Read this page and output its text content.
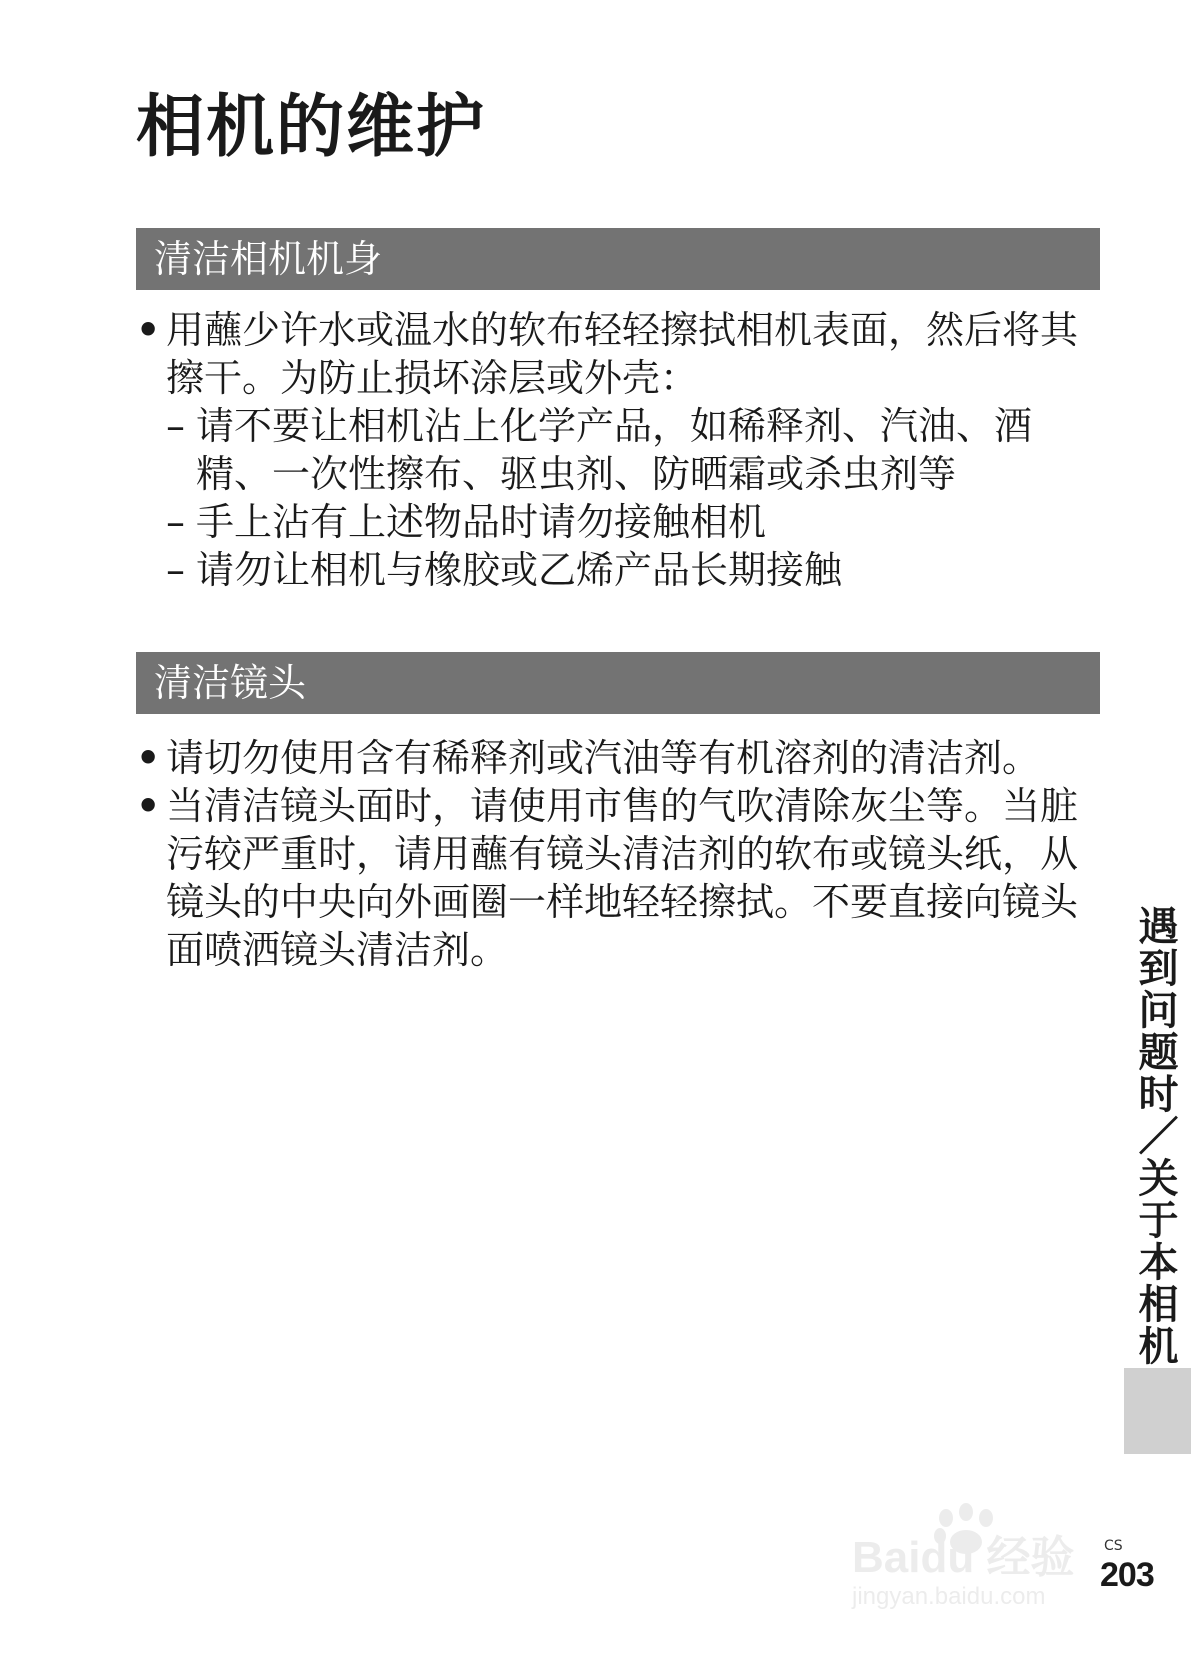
相机的维护
清洁相机机身

• 用蘸少许水或温水的软布轻轻擦拭相机表面，然后将其擦干。为防止损坏涂层或外壳：

– 请不要让相机沾上化学产品，如稀释剂、汽油、酒精、一次性擦布、驱虫剂、防晒霜或杀虫剂等

– 手上沾有上述物品时请勿接触相机

– 请勿让相机与橡胶或乙烯产品长期接触

清洁镜头

• 请切勿使用含有稀释剂或汽油等有机溶剂的清洁剂。

• 当清洁镜头面时，请使用市售的气吹清除灰尘等。当脏污较严重时，请用蘸有镜头清洁剂的软布或镜头纸，从镜头的中央向外画圈一样地轻轻擦拭。不要直接向镜头面喷洒镜头清洁剂。	遇到问题时／关于本相机
Baidu 经验
jingyan.baidu.com
CS
203
